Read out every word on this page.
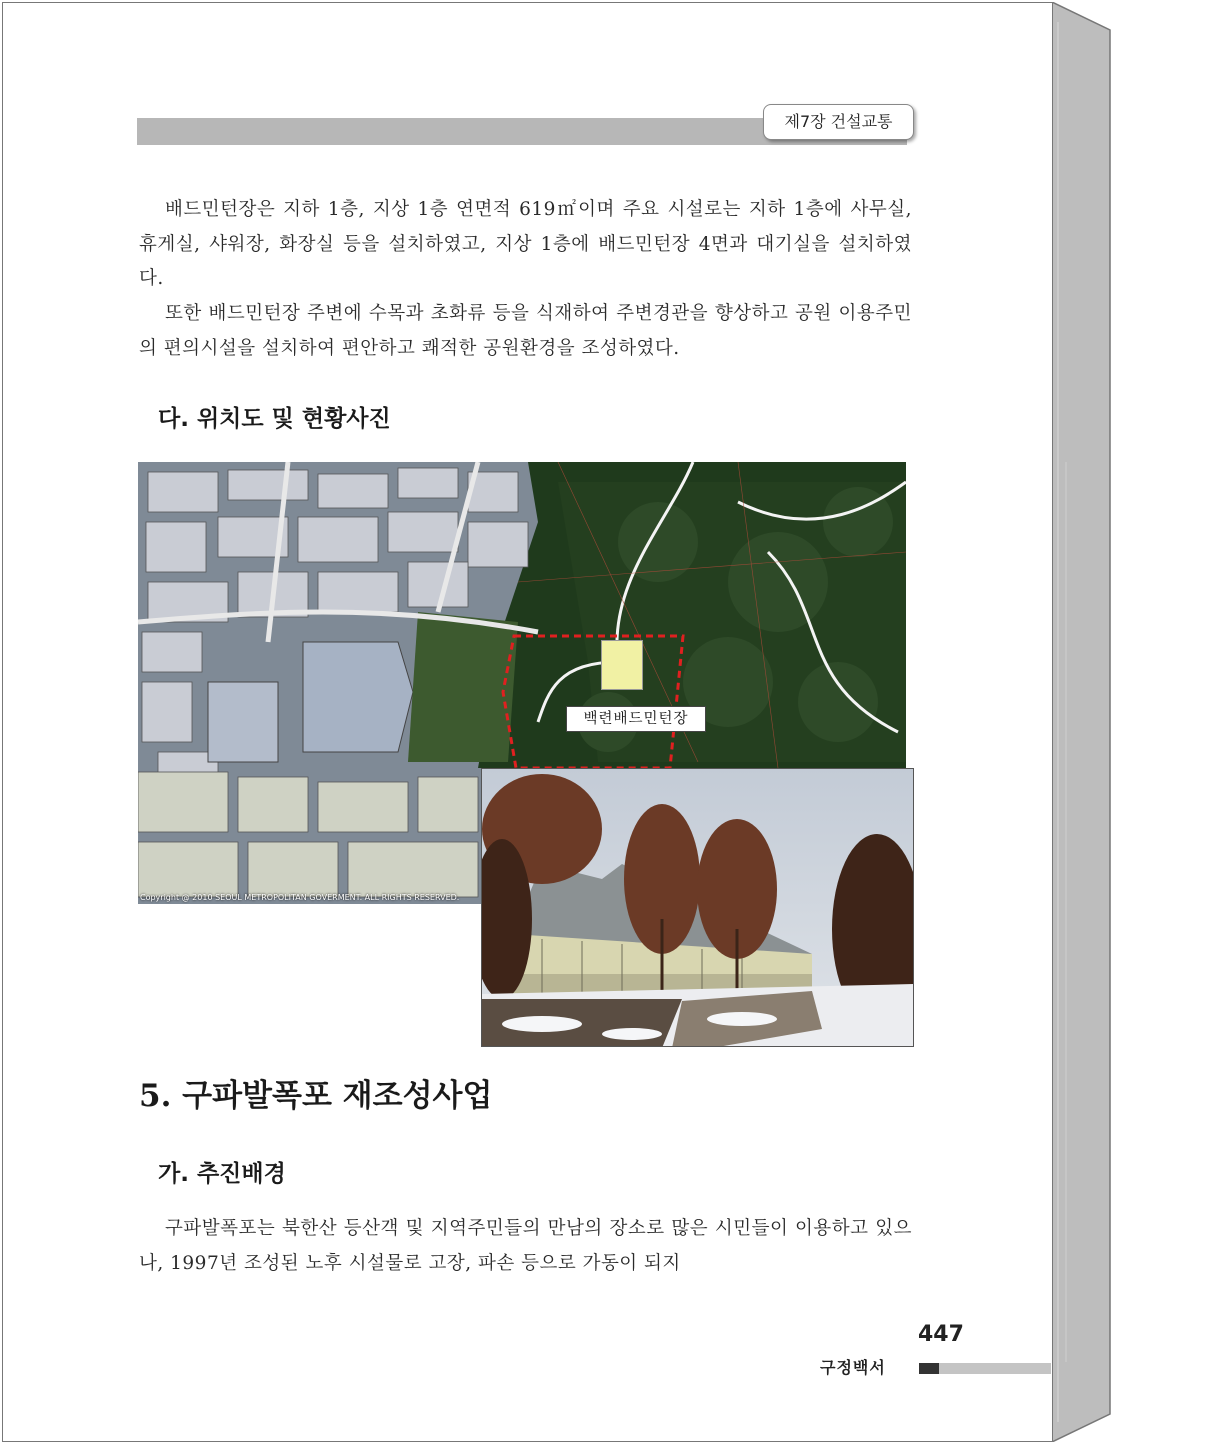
제7장 건설교통

배드민턴장은 지하 1층, 지상 1층 연면적 619㎡이며 주요 시설로는 지하 1층에 사무실, 휴게실, 샤워장, 화장실 등을 설치하였고, 지상 1층에 배드민턴장 4면과 대기실을 설치하였다.

또한 배드민턴장 주변에 수목과 초화류 등을 식재하여 주변경관을 향상하고 공원 이용주민의 편의시설을 설치하여 편안하고 쾌적한 공원환경을 조성하였다.

다. 위치도 및 현황사진
백련배드민턴장
Copyright @ 2010 SEOUL METROPOLITAN GOVERMENT. ALL RIGHTS RESERVED.
5. 구파발폭포 재조성사업
가. 추진배경

구파발폭포는 북한산 등산객 및 지역주민들의 만남의 장소로 많은 시민들이 이용하고 있으나, 1997년 조성된 노후 시설물로 고장, 파손 등으로 가동이 되지

447
구정백서
